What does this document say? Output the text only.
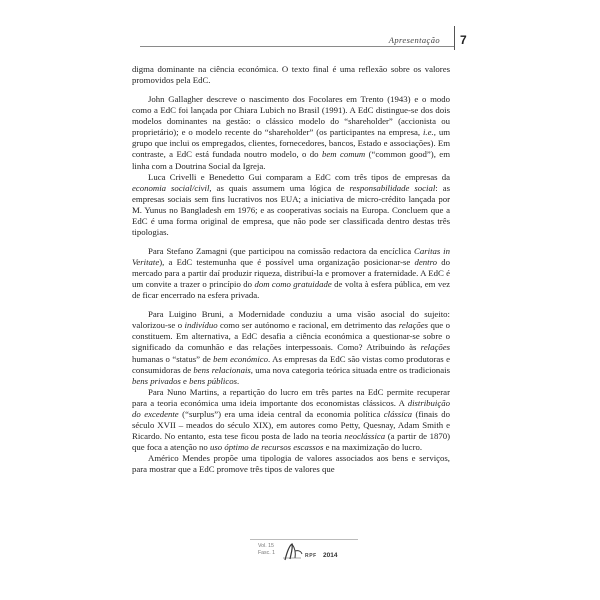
Apresentação 7

digma dominante na ciência económica. O texto final é uma reflexão sobre os valores promovidos pela EdC.

John Gallagher descreve o nascimento dos Focolares em Trento (1943) e o modo como a EdC foi lançada por Chiara Lubich no Brasil (1991). A EdC distingue-se dos dois modelos dominantes na gestão: o clássico modelo do “shareholder” (accionista ou proprietário); e o modelo recente do “shareholder” (os participantes na empresa, i.e., um grupo que inclui os empregados, clientes, fornecedores, bancos, Estado e associações). Em contraste, a EdC está fundada noutro modelo, o do bem comum (“common good”), em linha com a Doutrina Social da Igreja.

Luca Crivelli e Benedetto Gui comparam a EdC com três tipos de empresas da economia social/civil, as quais assumem uma lógica de responsabilidade social: as empresas sociais sem fins lucrativos nos EUA; a iniciativa de micro-crédito lançada por M. Yunus no Bangladesh em 1976; e as cooperativas sociais na Europa. Concluem que a EdC é uma forma original de empresa, que não pode ser classificada dentro destas três tipologias.

Para Stefano Zamagni (que participou na comissão redactora da encíclica Caritas in Veritate), a EdC testemunha que é possível uma organização posicionar-se dentro do mercado para a partir daí produzir riqueza, distribuí-la e promover a fraternidade. A EdC é um convite a trazer o princípio do dom como gratuidade de volta à esfera pública, em vez de ficar encerrado na esfera privada.

Para Luigino Bruni, a Modernidade conduziu a uma visão asocial do sujeito: valorizou-se o indivíduo como ser autónomo e racional, em detrimento das relações que o constituem. Em alternativa, a EdC desafia a ciência económica a questionar-se sobre o significado da comunhão e das relações interpessoais. Como? Atribuindo às relações humanas o “status” de bem económico. As empresas da EdC são vistas como produtoras e consumidoras de bens relacionais, uma nova categoria teórica situada entre os tradicionais bens privados e bens públicos.

Para Nuno Martins, a repartição do lucro em três partes na EdC permite recuperar para a teoria económica uma ideia importante dos economistas clássicos. A distribuição do excedente (“surplus”) era uma ideia central da economia política clássica (finais do século XVII – meados do século XIX), em autores como Petty, Quesnay, Adam Smith e Ricardo. No entanto, esta tese ficou posta de lado na teoria neoclássica (a partir de 1870) que foca a atenção no uso óptimo de recursos escassos e na maximização do lucro.

Américo Mendes propõe uma tipologia de valores associados aos bens e serviços, para mostrar que a EdC promove três tipos de valores que

Vol. 15
Fasc. 1
RPF 2014
